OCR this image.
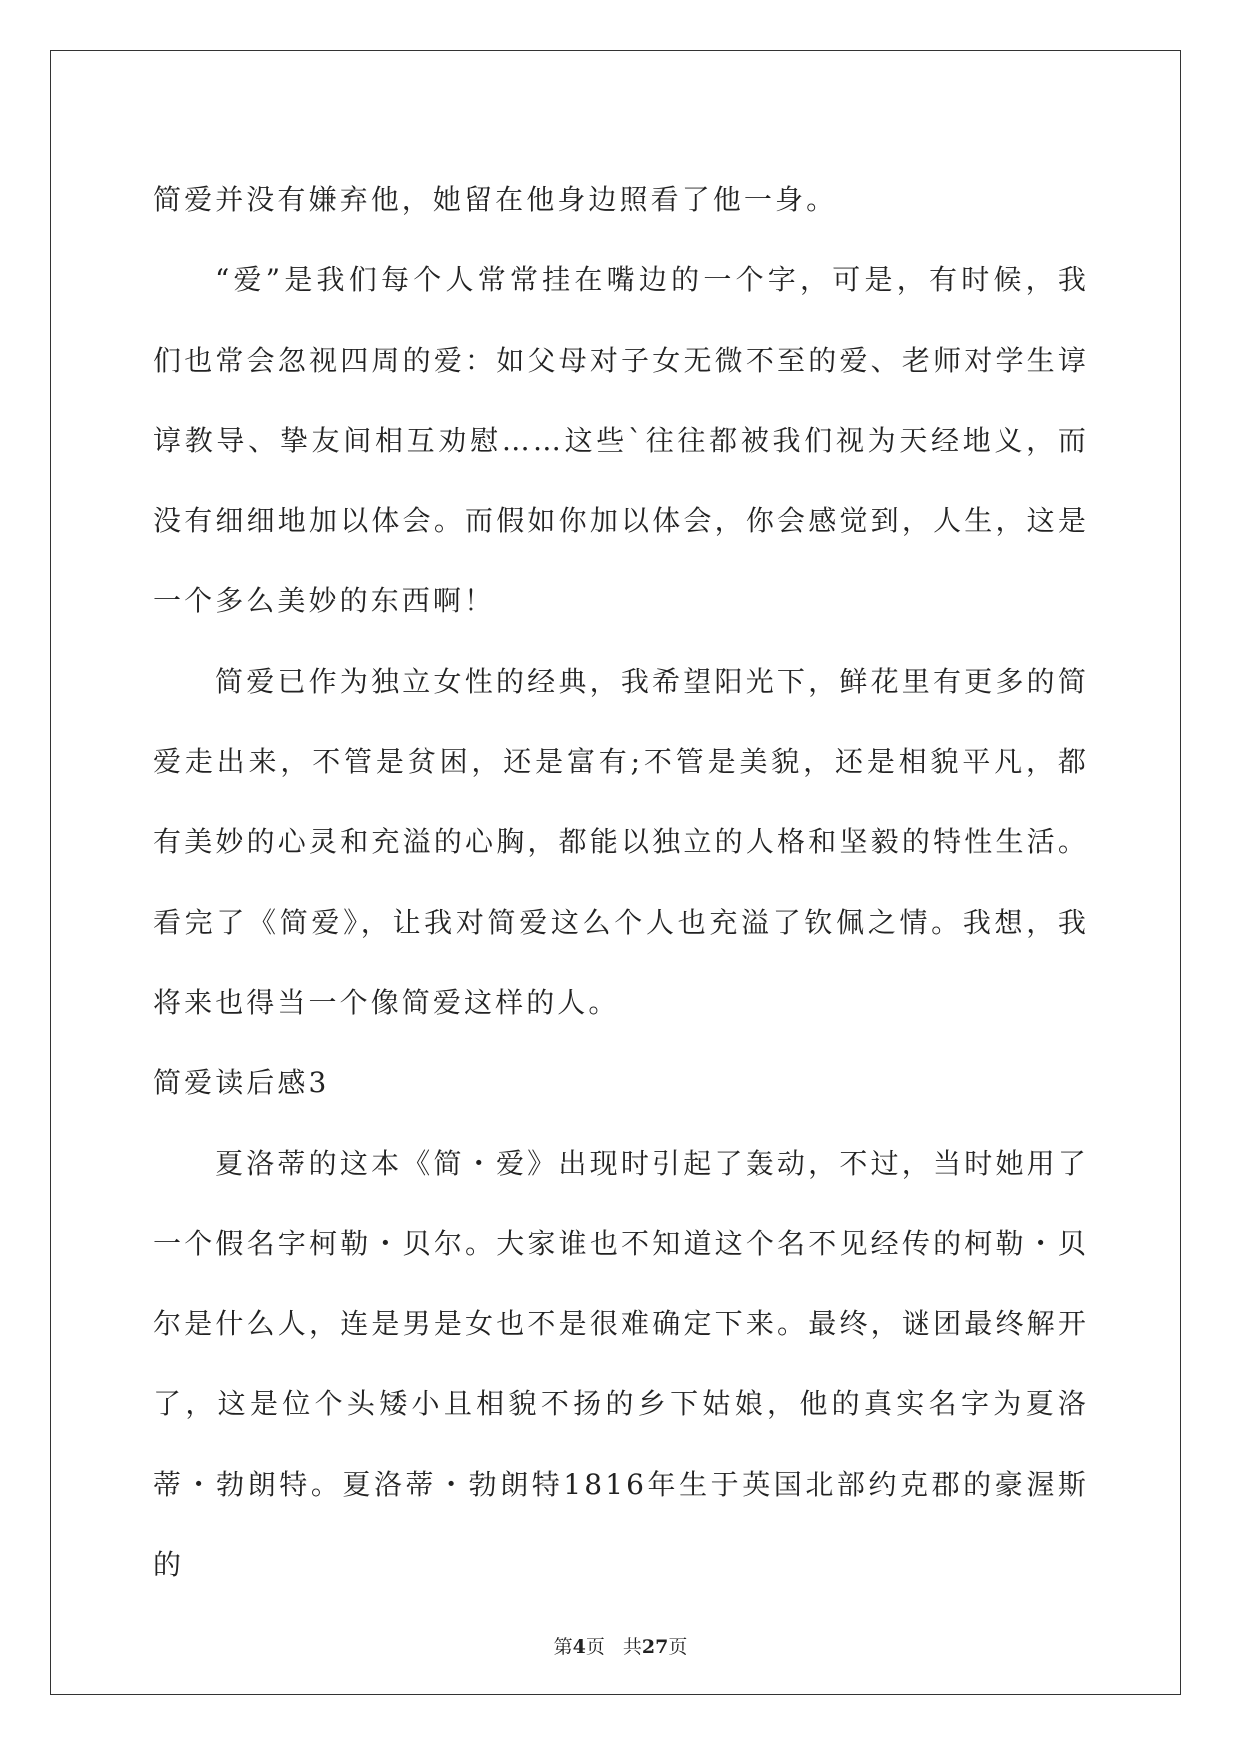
简爱并没有嫌弃他，她留在他身边照看了他一身。

“爱”是我们每个人常常挂在嘴边的一个字，可是，有时候，我们也常会忽视四周的爱：如父母对子女无微不至的爱、老师对学生谆谆教导、挚友间相互劝慰……这些`往往都被我们视为天经地义，而没有细细地加以体会。而假如你加以体会，你会感觉到，人生，这是一个多么美妙的东西啊！

简爱已作为独立女性的经典，我希望阳光下，鲜花里有更多的简爱走出来，不管是贫困，还是富有;不管是美貌，还是相貌平凡，都有美妙的心灵和充溢的心胸，都能以独立的人格和坚毅的特性生活。看完了《简爱》，让我对简爱这么个人也充溢了钦佩之情。我想，我将来也得当一个像简爱这样的人。

简爱读后感3

夏洛蒂的这本《简・爱》出现时引起了轰动，不过，当时她用了一个假名字柯勒・贝尔。大家谁也不知道这个名不见经传的柯勒・贝尔是什么人，连是男是女也不是很难确定下来。最终，谜团最终解开了，这是位个头矮小且相貌不扬的乡下姑娘，他的真实名字为夏洛蒂・勃朗特。夏洛蒂・勃朗特1816年生于英国北部约克郡的豪渥斯的

第4页 共27页
